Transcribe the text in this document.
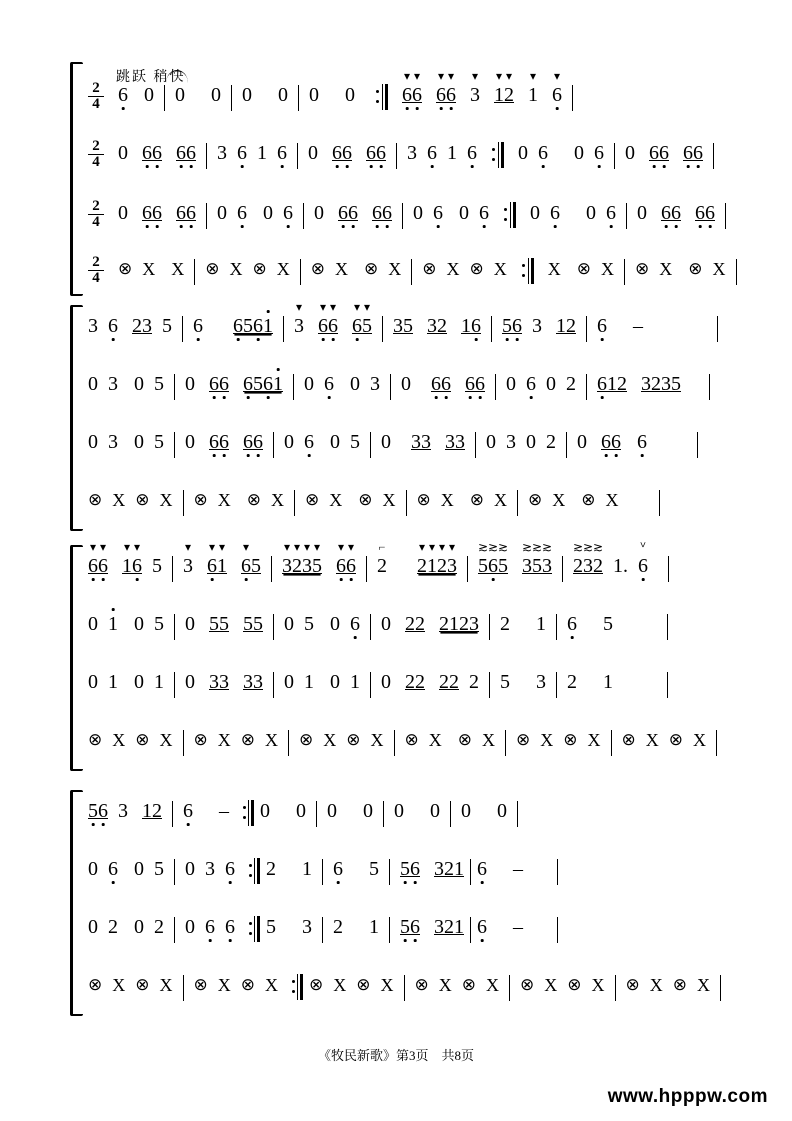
跳跃 稍快
$\frac{2}{4} 6$ 0 0 0 0 0 0 0 6
▾
6
▾
6
▾
6
▾
3
▾
1
▾
2
▾
1
▾
6
▾

$\frac{2}{4} 0$ 6
6 6
6 3 6 1 6 0 6
6 6
6 3 6 1 6
0 6 0 6 0 6
6 6
6

$\frac{2}{4} 0$ 6
6 6
6 0 6 0 6 0 6
6 6
6 0 6 0 6
0 6 0 6 0 6
6 6
6

$\frac{2}{4}$ ⊗ X X ⊗ X ⊗ X ⊗ X ⊗ X ⊗ X ⊗ X X ⊗ X ⊗ X ⊗ X
3 6 23 5 6 6
56
1 3
▾
6
▾
6
▾
6
▾
5
▾
35 32 16 5
6 3 12 6 –
0 3 0 5 0 6
6 6
56
1 0 6 0 3 0 6
6 6
6 0 6 0 2 6
12 3235
0 3 0 5 0 6
6 6
6 0 6 0 5 0 33 33 0 3 0 2 0 6
6 6

⊗ X ⊗ X ⊗ X ⊗ X ⊗ X ⊗ X ⊗ X ⊗ X ⊗ X ⊗ X
6
▾
6
▾
1
▾
6
▾
5 3
▾
6
▾
1
▾
6
▾
5 3
▾
2
▾
3
▾
5
▾
6
▾
6
▾
2
⌐
2
▾
1
▾
2
▾
3
▾
5
≳
6
≳
5
≳
3
≳
5
≳
3
≳
2
≳
3
≳
2
≳
1. 6
ⱽ

0 1 0 5 0 55 55 0 5 0 6 0 22 2123 2 1 6 5
0 1 0 1 0 33 33 0 1 0 1 0 22 22 2 5 3 2 1
⊗ X ⊗ X ⊗ X ⊗ X ⊗ X ⊗ X ⊗ X ⊗ X ⊗ X ⊗ X ⊗ X ⊗ X
5
6 3 12 6 – 0 0 0 0 0 0 0 0
0 6 0 5 0 3 6
2 1 6 5 5
6 321 6 –
0 2 0 2 0 6 6
5 3 2 1 5
6 321 6 –
⊗ X ⊗ X ⊗ X ⊗ X ⊗ X ⊗ X ⊗ X ⊗ X ⊗ X ⊗ X ⊗ X ⊗ X
《牧民新歌》第3页　共8页
www.hpppw.com
